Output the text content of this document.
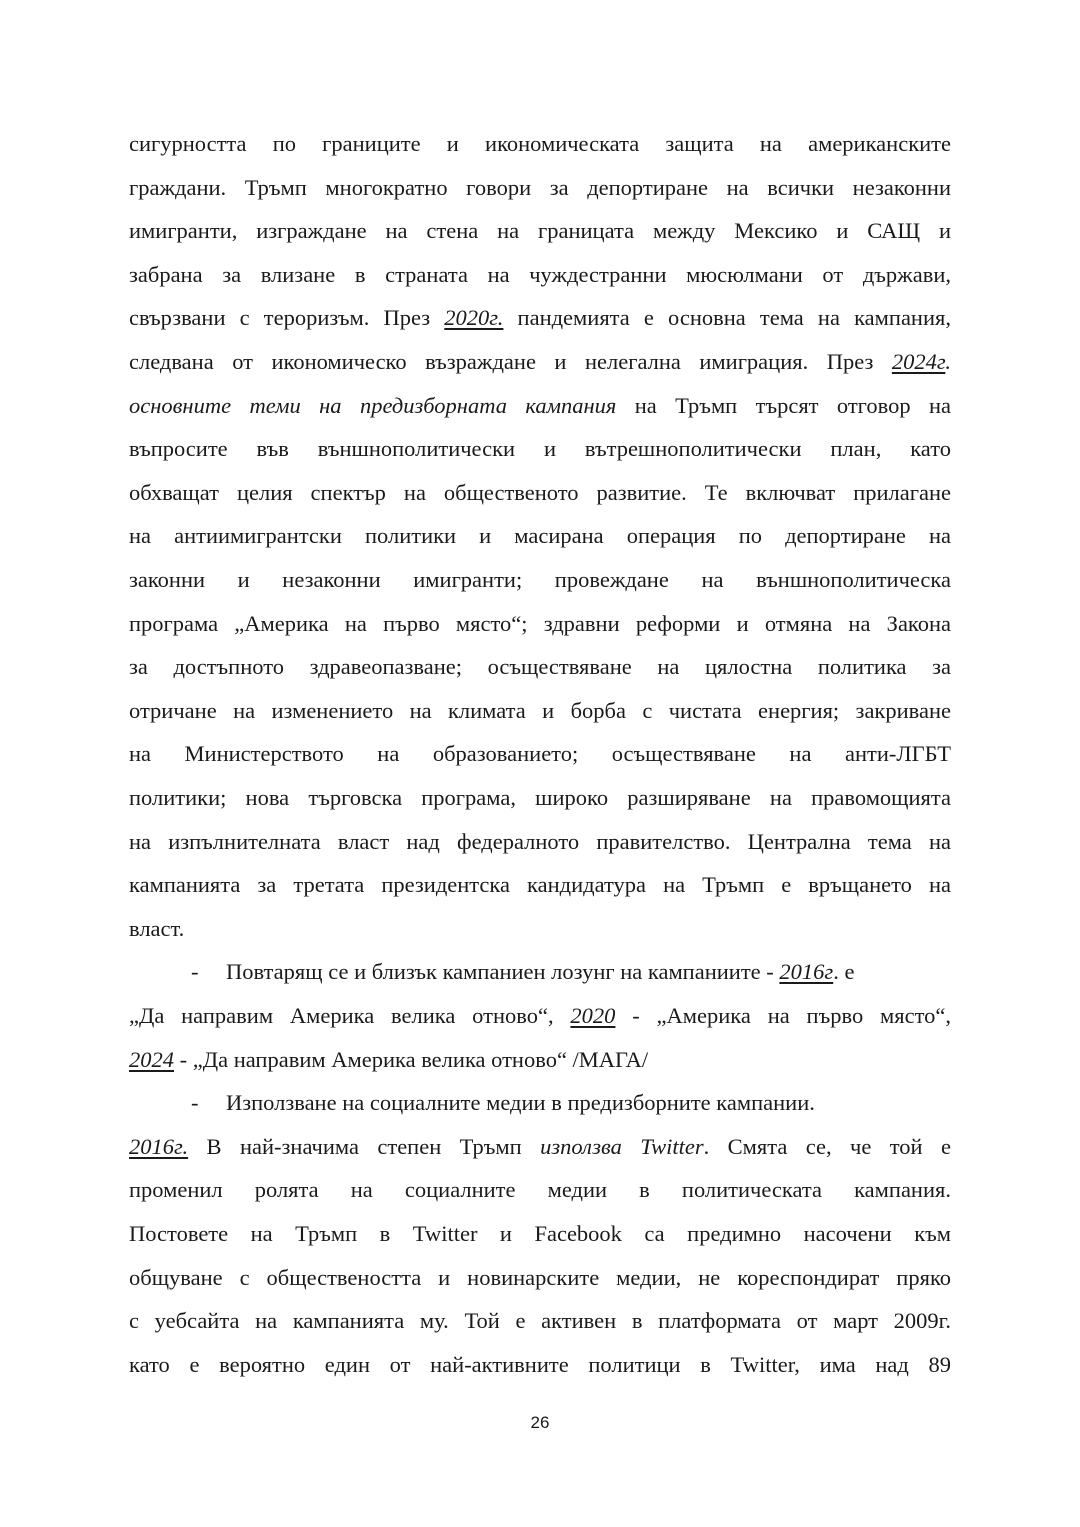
сигурността по границите и икономическата защита на американските
граждани. Тръмп многократно говори за депортиране на всички незаконни
имигранти, изграждане на стена на границата между Мексико и САЩ и
забрана за влизане в страната на чуждестранни мюсюлмани от държави,
свързвани с тероризъм. През 2020г. пандемията е основна тема на кампания,
следвана от икономическо възраждане и нелегална имиграция. През 2024г.
основните теми на предизборната кампания на Тръмп търсят отговор на
въпросите във външнополитически и вътрешнополитически план, като
обхващат целия спектър на общественото развитие. Те включват прилагане
на антиимигрантски политики и масирана операция по депортиране на
законни и незаконни имигранти; провеждане на външнополитическа
програма „Америка на първо място“; здравни реформи и отмяна на Закона
за достъпното здравеопазване; осъществяване на цялостна политика за
отричане на изменението на климата и борба с чистата енергия; закриване
на Министерството на образованието; осъществяване на анти-ЛГБТ
политики; нова търговска програма, широко разширяване на правомощията
на изпълнителната власт над федералното правителство. Централна тема на
кампанията за третата президентска кандидатура на Тръмп е връщането на
власт.
-	Повтарящ се и близък кампаниен лозунг на кампаниите - 2016г. е
„Да направим Америка велика отново“, 2020 - „Америка на първо място“,
2024 - „Да направим Америка велика отново“ /МАГА/
-	Използване на социалните медии в предизборните кампании.
2016г. В най-значима степен Тръмп използва Twitter. Смята се, че той е
променил ролята на социалните медии в политическата кампания.
Постовете на Тръмп в Twitter и Facebook са предимно насочени към
общуване с обществеността и новинарските медии, не кореспондират пряко
с уебсайта на кампанията му. Той е активен в платформата от март 2009г.
като е вероятно един от най-активните политици в Twitter, има над 89
26
